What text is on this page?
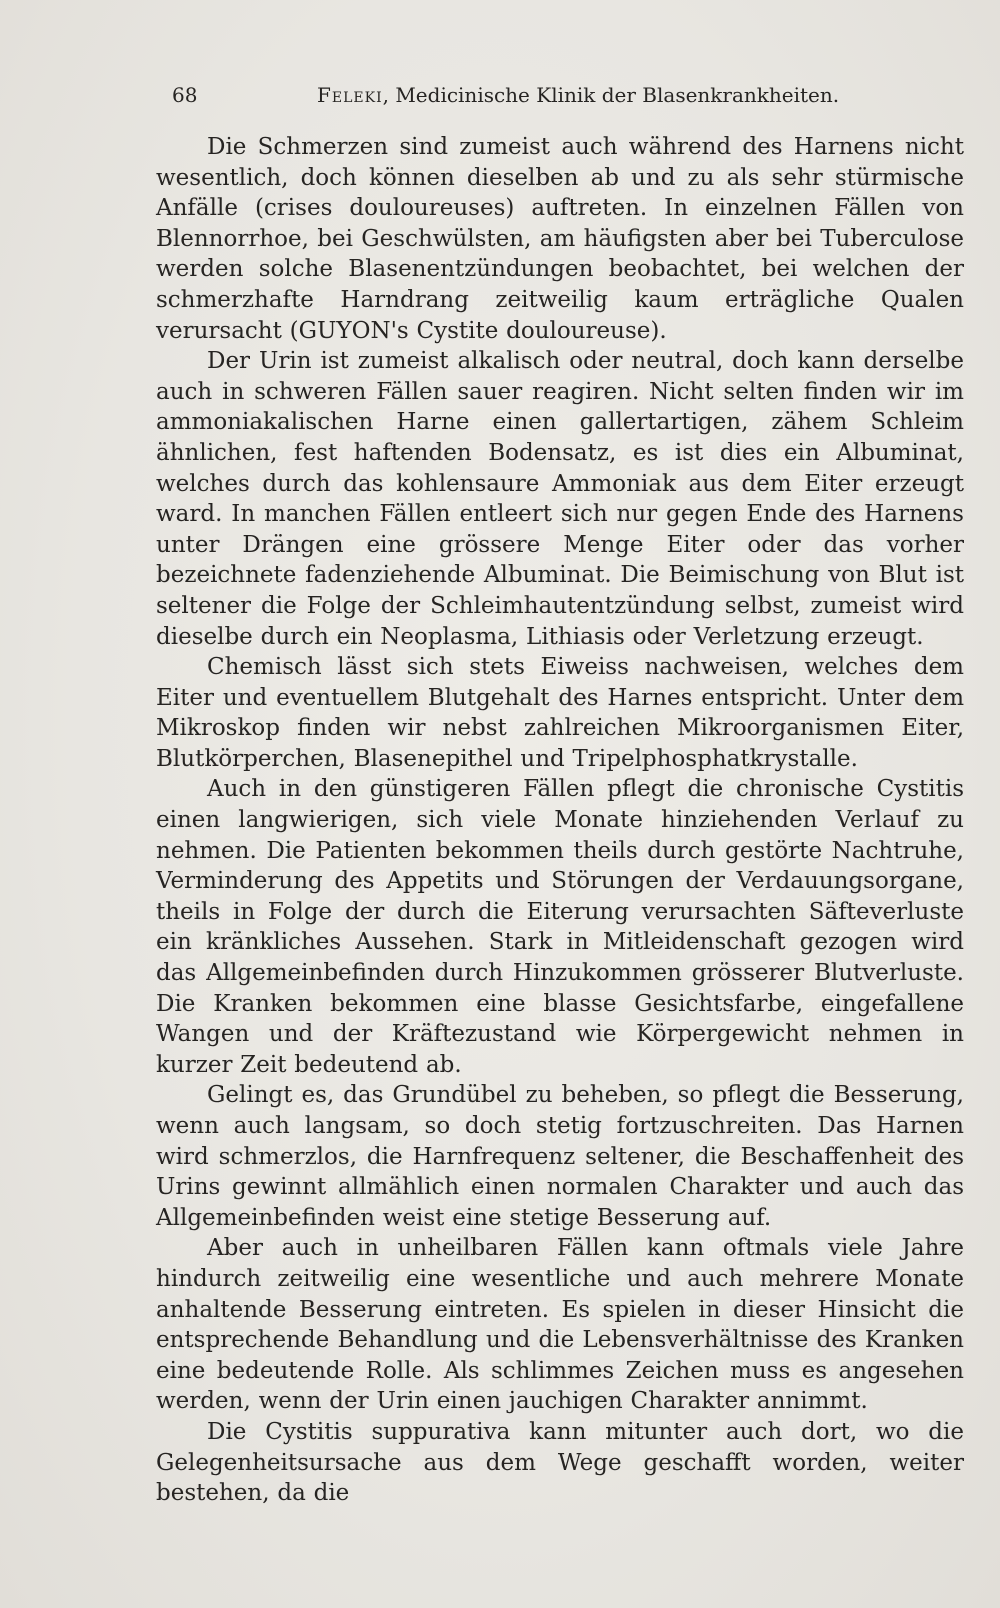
68	Feleki, Medicinische Klinik der Blasenkrankheiten.

Die Schmerzen sind zumeist auch während des Harnens nicht wesentlich, doch können dieselben ab und zu als sehr stürmische Anfälle (crises douloureuses) auftreten. In einzelnen Fällen von Blennorrhoe, bei Geschwülsten, am häufigsten aber bei Tuberculose werden solche Blasenentzündungen beobachtet, bei welchen der schmerzhafte Harndrang zeitweilig kaum erträgliche Qualen verursacht (GUYON's Cystite douloureuse).

Der Urin ist zumeist alkalisch oder neutral, doch kann derselbe auch in schweren Fällen sauer reagiren. Nicht selten finden wir im ammoniakalischen Harne einen gallertartigen, zähem Schleim ähnlichen, fest haftenden Bodensatz, es ist dies ein Albuminat, welches durch das kohlensaure Ammoniak aus dem Eiter erzeugt ward. In manchen Fällen entleert sich nur gegen Ende des Harnens unter Drängen eine grössere Menge Eiter oder das vorher bezeichnete fadenziehende Albuminat. Die Beimischung von Blut ist seltener die Folge der Schleimhautentzündung selbst, zumeist wird dieselbe durch ein Neoplasma, Lithiasis oder Verletzung erzeugt.

Chemisch lässt sich stets Eiweiss nachweisen, welches dem Eiter und eventuellem Blutgehalt des Harnes entspricht. Unter dem Mikroskop finden wir nebst zahlreichen Mikroorganismen Eiter, Blutkörperchen, Blasenepithel und Tripelphosphatkrystalle.

Auch in den günstigeren Fällen pflegt die chronische Cystitis einen langwierigen, sich viele Monate hinziehenden Verlauf zu nehmen. Die Patienten bekommen theils durch gestörte Nachtruhe, Verminderung des Appetits und Störungen der Verdauungsorgane, theils in Folge der durch die Eiterung verursachten Säfteverluste ein kränkliches Aussehen. Stark in Mitleidenschaft gezogen wird das Allgemeinbefinden durch Hinzukommen grösserer Blutverluste. Die Kranken bekommen eine blasse Gesichtsfarbe, eingefallene Wangen und der Kräftezustand wie Körpergewicht nehmen in kurzer Zeit bedeutend ab.

Gelingt es, das Grundübel zu beheben, so pflegt die Besserung, wenn auch langsam, so doch stetig fortzuschreiten. Das Harnen wird schmerzlos, die Harnfrequenz seltener, die Beschaffenheit des Urins gewinnt allmählich einen normalen Charakter und auch das Allgemeinbefinden weist eine stetige Besserung auf.

Aber auch in unheilbaren Fällen kann oftmals viele Jahre hindurch zeitweilig eine wesentliche und auch mehrere Monate anhaltende Besserung eintreten. Es spielen in dieser Hinsicht die entsprechende Behandlung und die Lebensverhältnisse des Kranken eine bedeutende Rolle. Als schlimmes Zeichen muss es angesehen werden, wenn der Urin einen jauchigen Charakter annimmt.

Die Cystitis suppurativa kann mitunter auch dort, wo die Gelegenheitsursache aus dem Wege geschafft worden, weiter bestehen, da die
